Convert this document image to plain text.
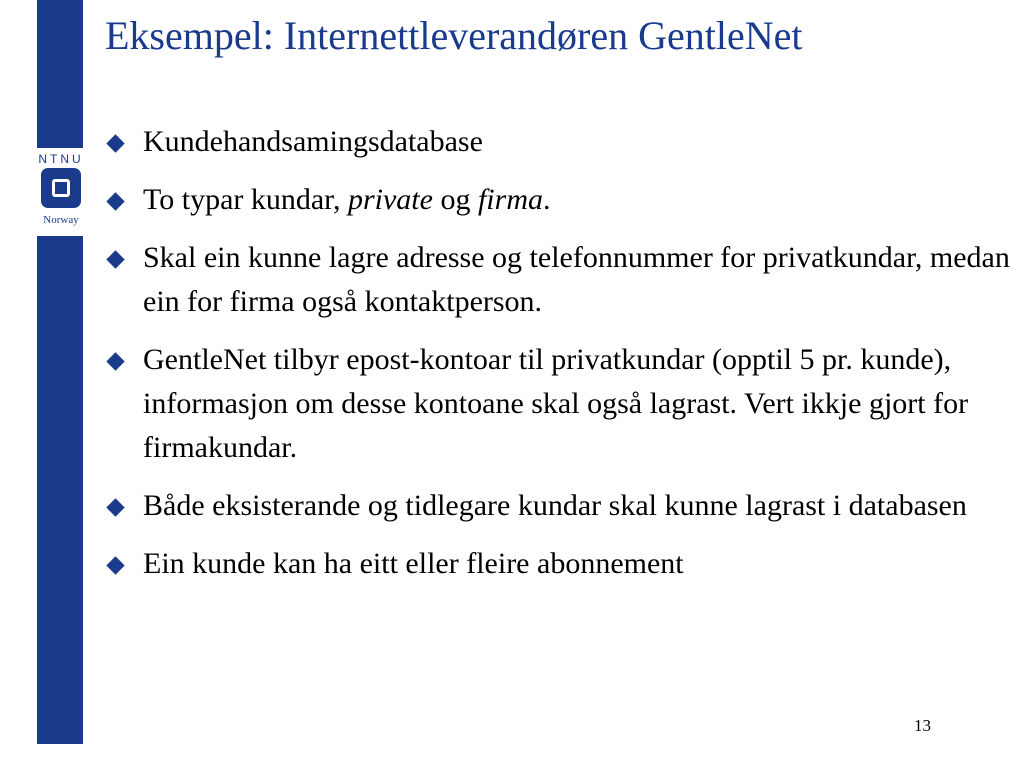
NTNU
Norway
Eksempel: Internettleverandøren GentleNet
Kundehandsamingsdatabase
To typar kundar, private og firma.
Skal ein kunne lagre adresse og telefonnummer for privatkundar, medan ein for firma også kontaktperson.
GentleNet tilbyr epost-kontoar til privatkundar (opptil 5 pr. kunde), informasjon om desse kontoane skal også lagrast. Vert ikkje gjort for firmakundar.
Både eksisterande og tidlegare kundar skal kunne lagrast i databasen
Ein kunde kan ha eitt eller fleire abonnement
13
